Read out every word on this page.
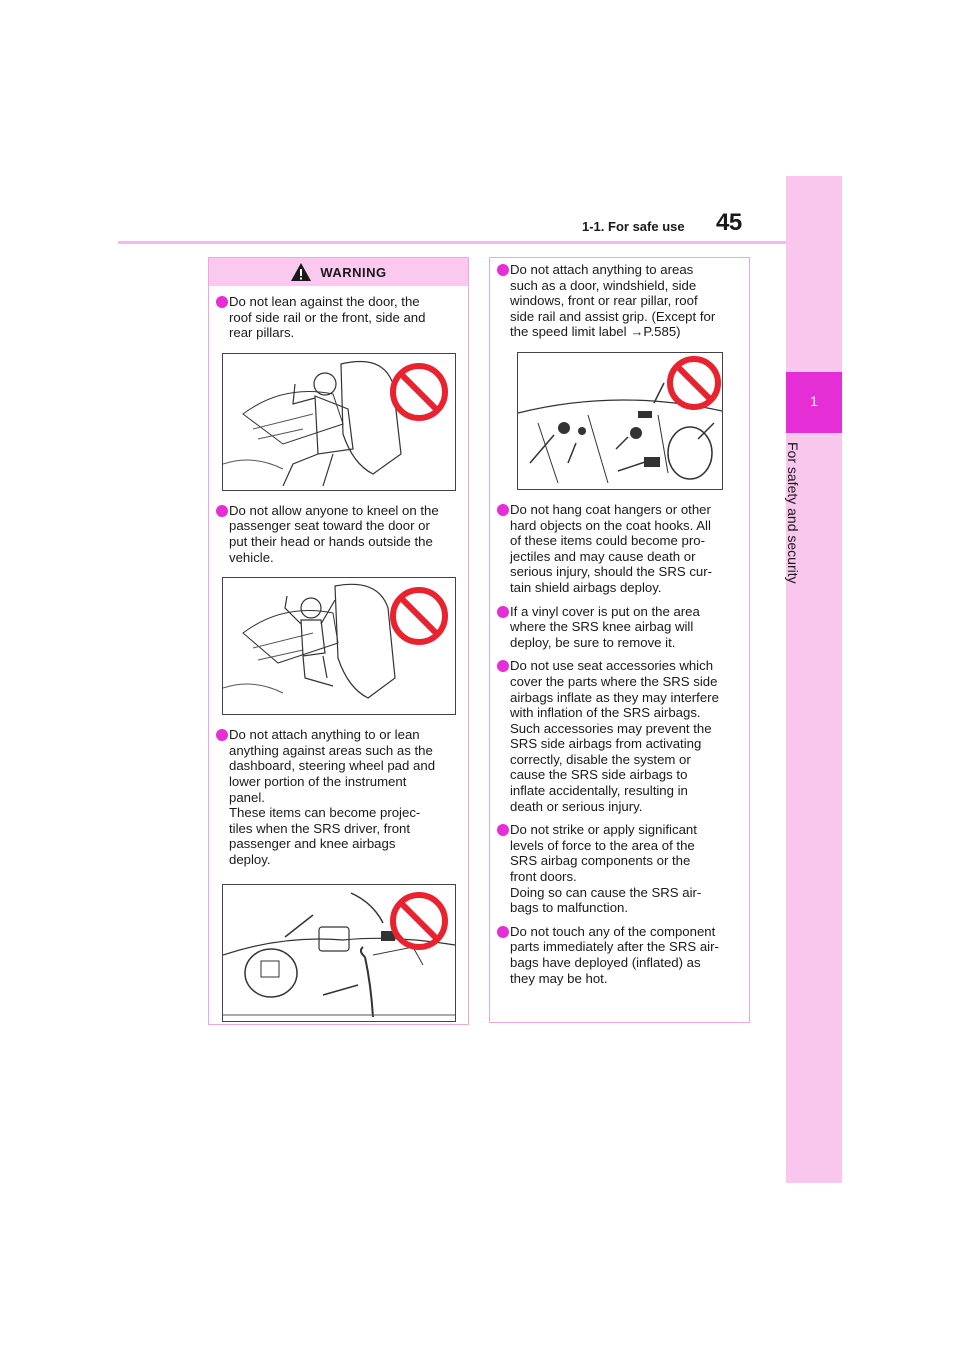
1-1. For safe use 45
1
For safety and security
WARNING
Do not lean against the door, the
roof side rail or the front, side and
rear pillars.
Do not allow anyone to kneel on the
passenger seat toward the door or
put their head or hands outside the
vehicle.
Do not attach anything to or lean
anything against areas such as the
dashboard, steering wheel pad and
lower portion of the instrument
panel.
These items can become projec-
tiles when the SRS driver, front
passenger and knee airbags
deploy.
Do not attach anything to areas
such as a door, windshield, side
windows, front or rear pillar, roof
side rail and assist grip. (Except for
the speed limit label →P.585)
Do not hang coat hangers or other
hard objects on the coat hooks. All
of these items could become pro-
jectiles and may cause death or
serious injury, should the SRS cur-
tain shield airbags deploy.
If a vinyl cover is put on the area
where the SRS knee airbag will
deploy, be sure to remove it.
Do not use seat accessories which
cover the parts where the SRS side
airbags inflate as they may interfere
with inflation of the SRS airbags.
Such accessories may prevent the
SRS side airbags from activating
correctly, disable the system or
cause the SRS side airbags to
inflate accidentally, resulting in
death or serious injury.
Do not strike or apply significant
levels of force to the area of the
SRS airbag components or the
front doors.
Doing so can cause the SRS air-
bags to malfunction.
Do not touch any of the component
parts immediately after the SRS air-
bags have deployed (inflated) as
they may be hot.
